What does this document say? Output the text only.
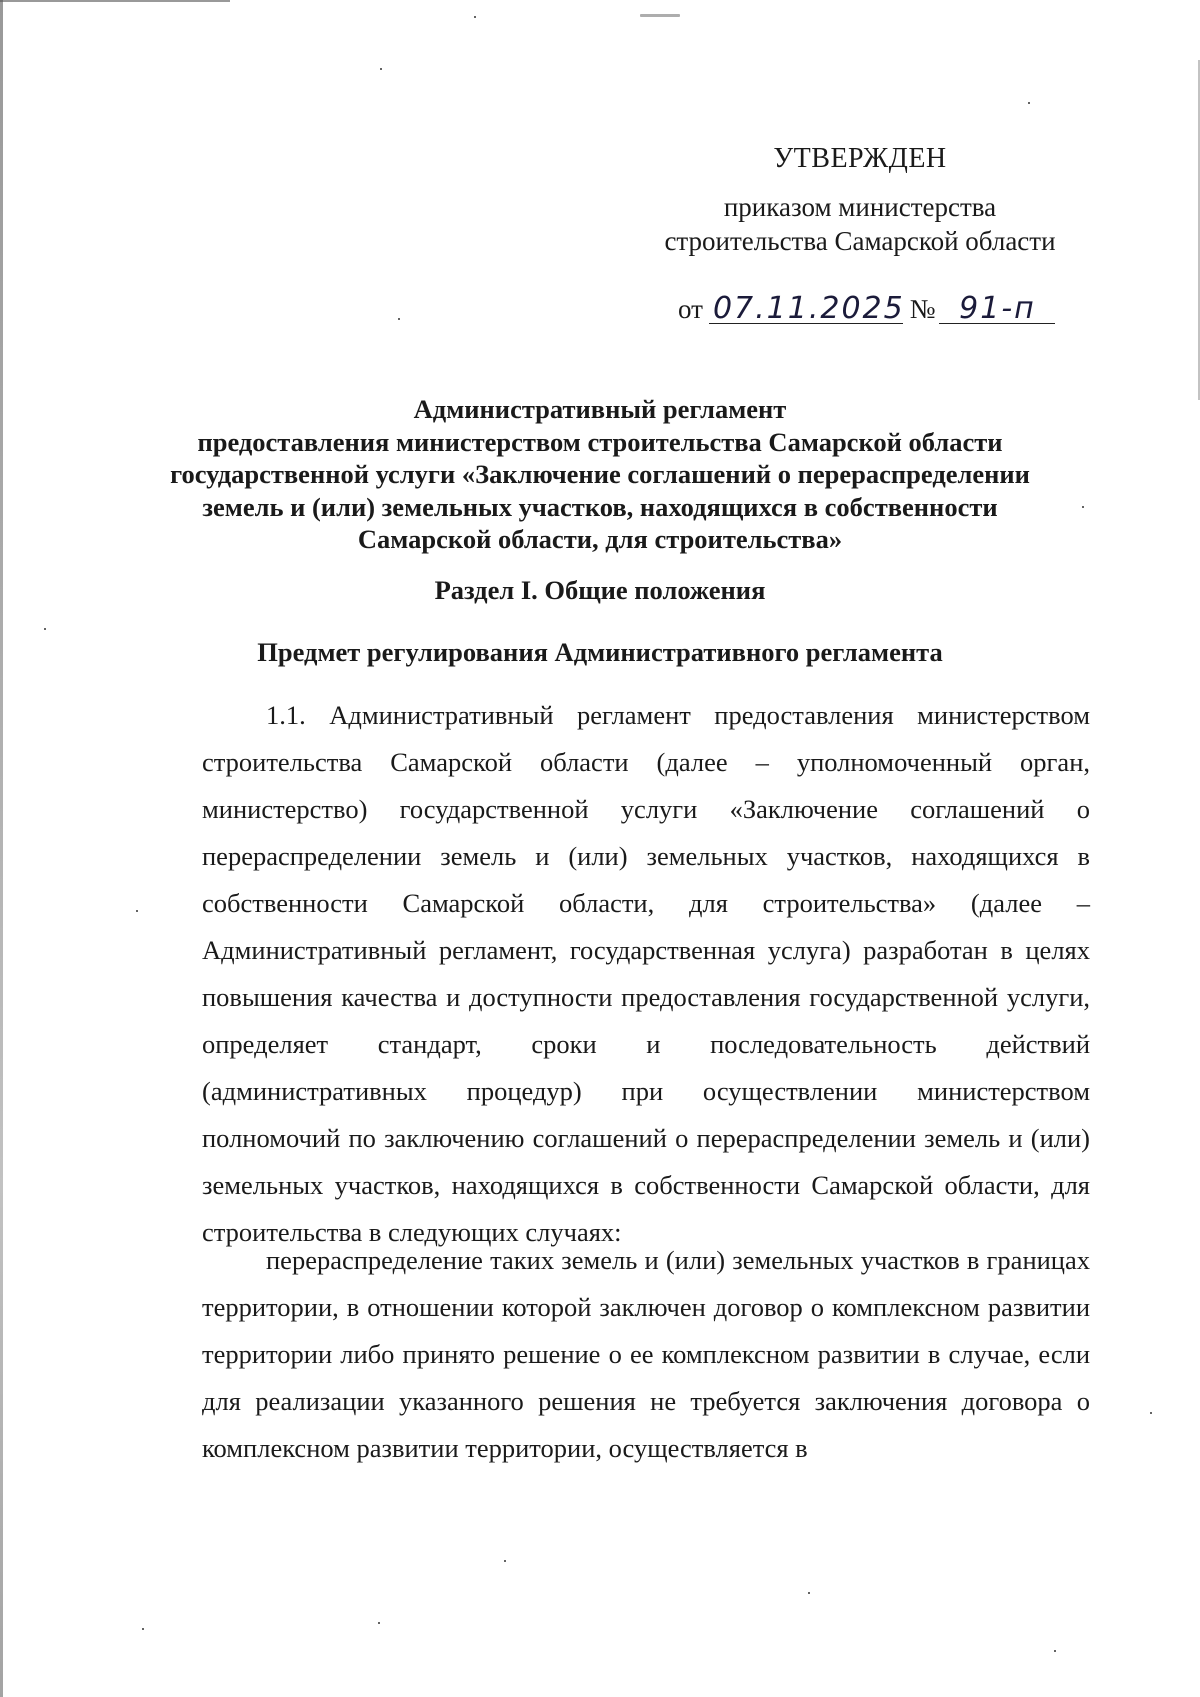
УТВЕРЖДЕН
приказом министерства
строительства Самарской области
от 07.11.2025 № 91-п
Административный регламент
предоставления министерством строительства Самарской области
государственной услуги «Заключение соглашений о перераспределении
земель и (или) земельных участков, находящихся в собственности
Самарской области, для строительства»
Раздел I. Общие положения
Предмет регулирования Административного регламента

1.1. Административный регламент предоставления министерством строительства Самарской области (далее – уполномоченный орган, министерство) государственной услуги «Заключение соглашений о перераспределении земель и (или) земельных участков, находящихся в собственности Самарской области, для строительства» (далее – Административный регламент, государственная услуга) разработан в целях повышения качества и доступности предоставления государственной услуги, определяет стандарт, сроки и последовательность действий (административных процедур) при осуществлении министерством полномочий по заключению соглашений о перераспределении земель и (или) земельных участков, находящихся в собственности Самарской области, для строительства в следующих случаях:

перераспределение таких земель и (или) земельных участков в границах территории, в отношении которой заключен договор о комплексном развитии территории либо принято решение о ее комплексном развитии в случае, если для реализации указанного решения не требуется заключения договора о комплексном развитии территории, осуществляется в
